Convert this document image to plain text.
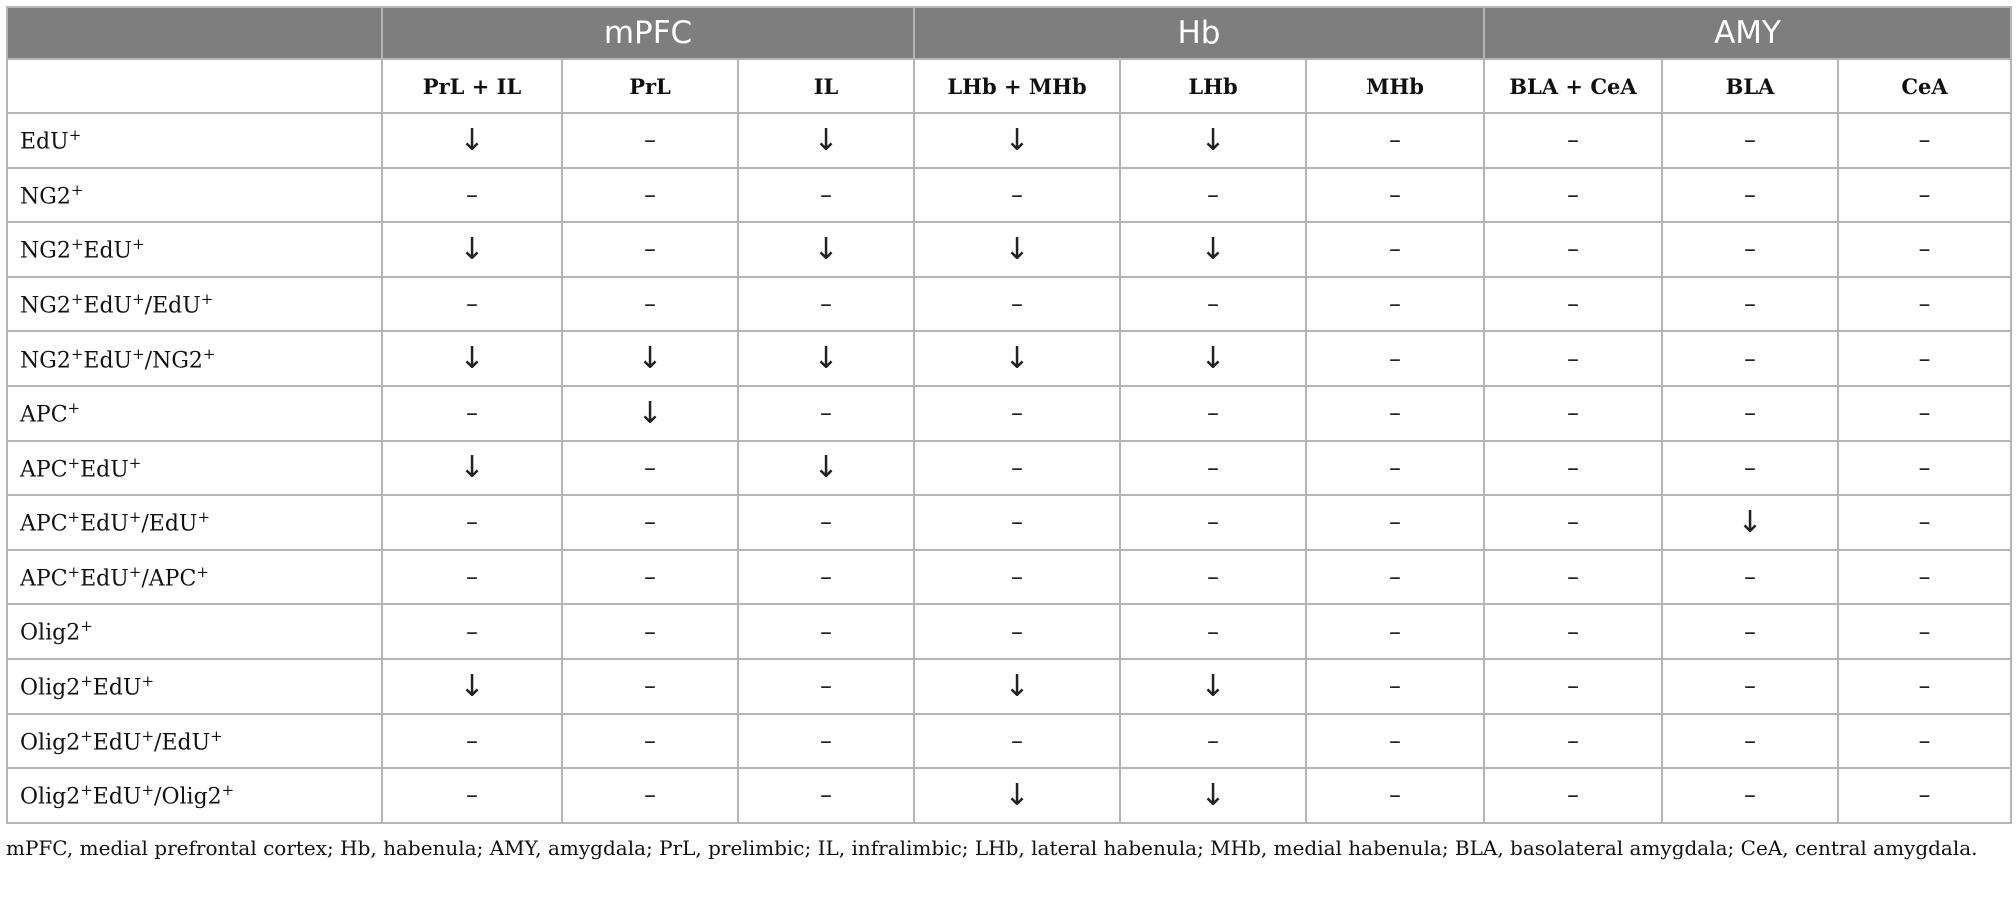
	mPFC			Hb			AMY		
	PrL + IL	PrL	IL	LHb + MHb	LHb	MHb	BLA + CeA	BLA	CeA
EdU+	↓	–	↓	↓	↓	–	–	–	–
NG2+	–	–	–	–	–	–	–	–	–
NG2+EdU+	↓	–	↓	↓	↓	–	–	–	–
NG2+EdU+/EdU+	–	–	–	–	–	–	–	–	–
NG2+EdU+/NG2+	↓	↓	↓	↓	↓	–	–	–	–
APC+	–	↓	–	–	–	–	–	–	–
APC+EdU+	↓	–	↓	–	–	–	–	–	–
APC+EdU+/EdU+	–	–	–	–	–	–	–	↓	–
APC+EdU+/APC+	–	–	–	–	–	–	–	–	–
Olig2+	–	–	–	–	–	–	–	–	–
Olig2+EdU+	↓	–	–	↓	↓	–	–	–	–
Olig2+EdU+/EdU+	–	–	–	–	–	–	–	–	–
Olig2+EdU+/Olig2+	–	–	–	↓	↓	–	–	–	–
mPFC, medial prefrontal cortex; Hb, habenula; AMY, amygdala; PrL, prelimbic; IL, infralimbic; LHb, lateral habenula; MHb, medial habenula; BLA, basolateral amygdala; CeA, central amygdala.
